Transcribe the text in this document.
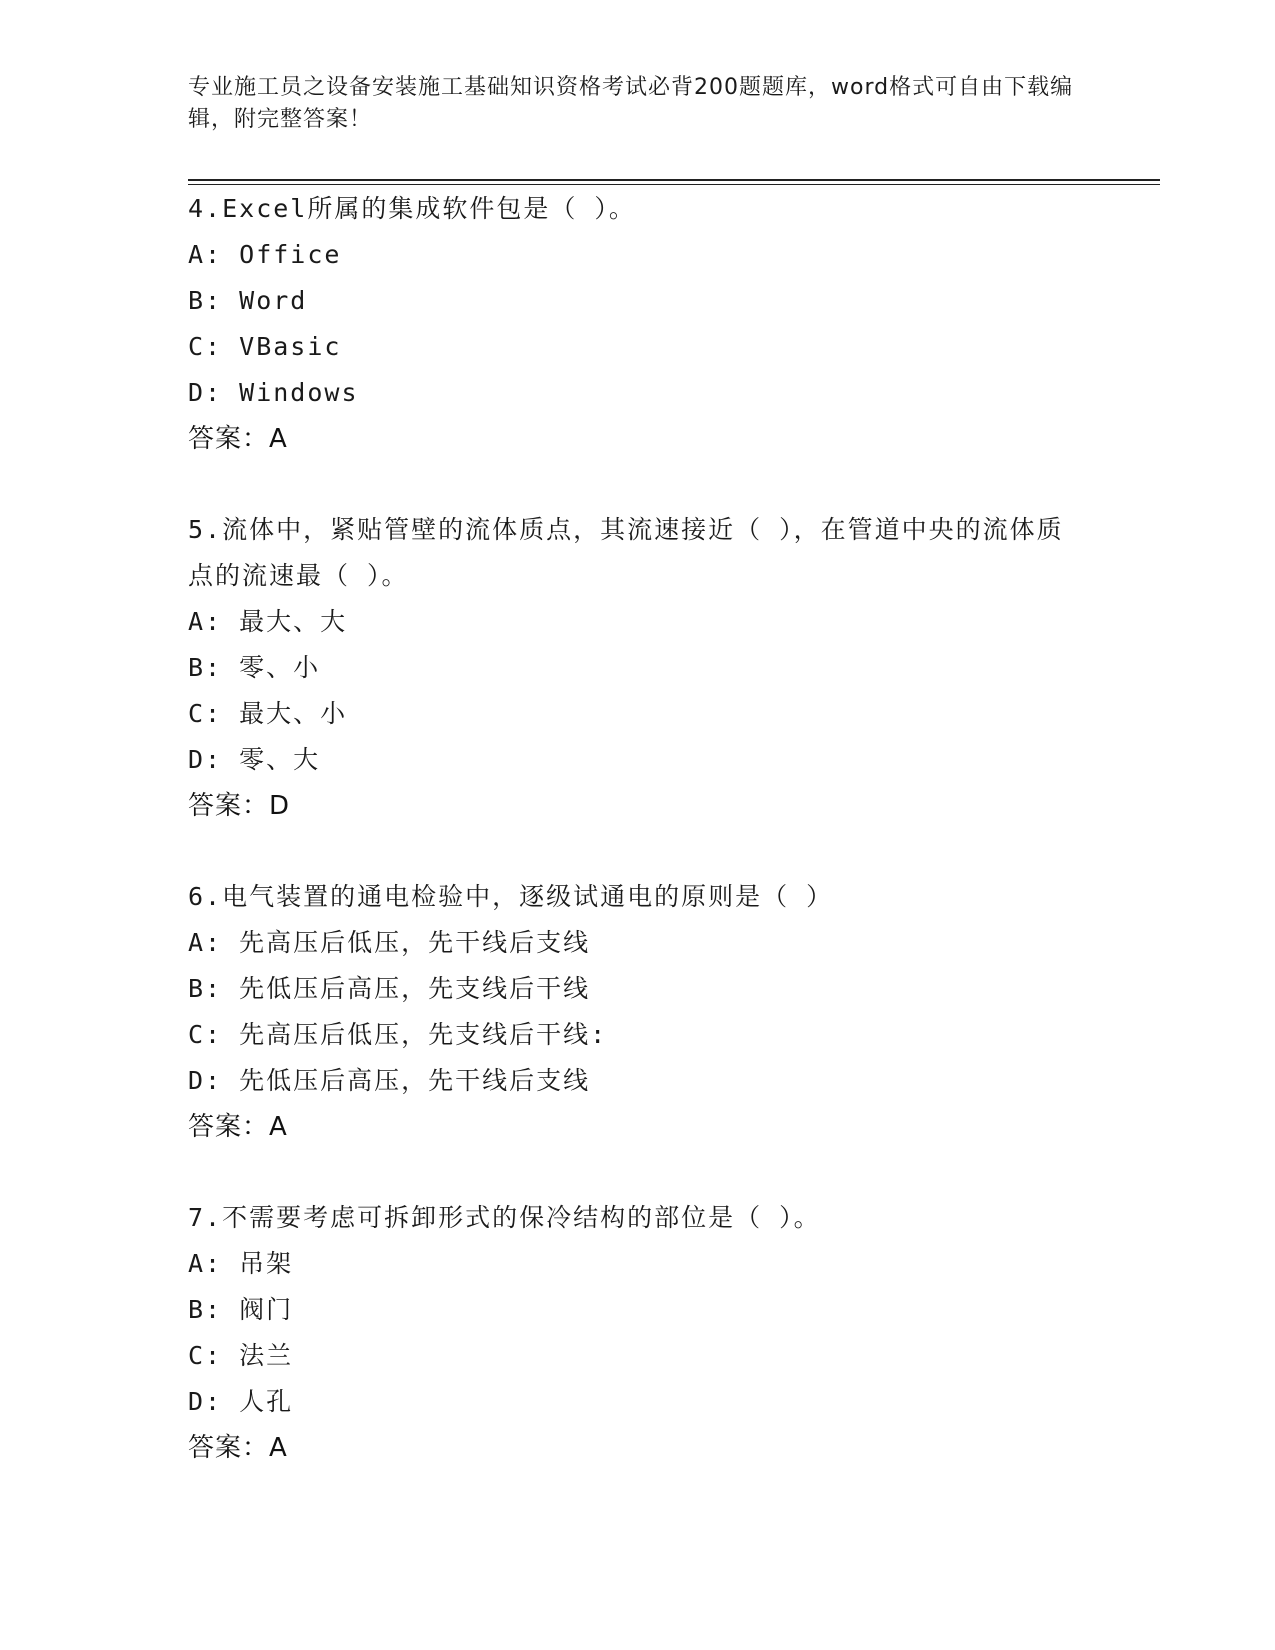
专业施工员之设备安装施工基础知识资格考试必背200题题库，word格式可自由下载编辑，附完整答案！
4.Excel所属的集成软件包是（ ）。
A: Office
B: Word
C: VBasic
D: Windows
答案：A
5.流体中，紧贴管壁的流体质点，其流速接近（ ），在管道中央的流体质点的流速最（ ）。
A: 最大、大
B: 零、小
C: 最大、小
D: 零、大
答案：D
6.电气装置的通电检验中，逐级试通电的原则是（ ）
A: 先高压后低压，先干线后支线
B: 先低压后高压，先支线后干线
C: 先高压后低压，先支线后干线:
D: 先低压后高压，先干线后支线
答案：A
7.不需要考虑可拆卸形式的保冷结构的部位是（ ）。
A: 吊架
B: 阀门
C: 法兰
D: 人孔
答案：A
